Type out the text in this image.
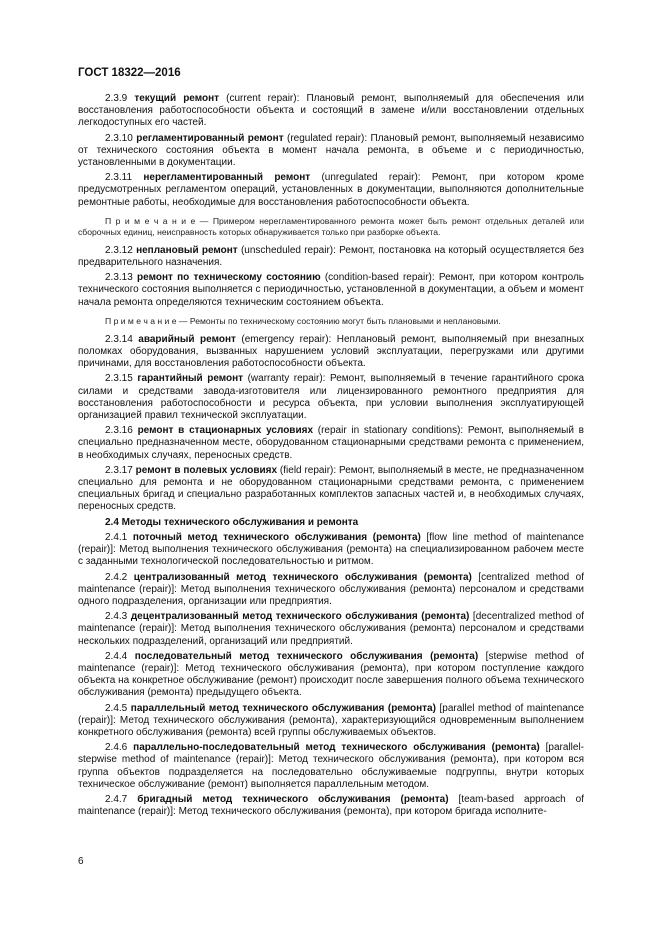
ГОСТ 18322—2016

2.3.9 текущий ремонт (current repair): Плановый ремонт, выполняемый для обеспечения или восстановления работоспособности объекта и состоящий в замене и/или восстановлении отдельных легкодоступных его частей.

2.3.10 регламентированный ремонт (regulated repair): Плановый ремонт, выполняемый независимо от технического состояния объекта в момент начала ремонта, в объеме и с периодичностью, установленными в документации.

2.3.11 нерегламентированный ремонт (unregulated repair): Ремонт, при котором кроме предусмотренных регламентом операций, установленных в документации, выполняются дополнительные ремонтные работы, необходимые для восстановления работоспособности объекта.

П р и м е ч а н и е — Примером нерегламентированного ремонта может быть ремонт отдельных деталей или сборочных единиц, неисправность которых обнаруживается только при разборке объекта.

2.3.12 неплановый ремонт (unscheduled repair): Ремонт, постановка на который осуществляется без предварительного назначения.

2.3.13 ремонт по техническому состоянию (condition-based repair): Ремонт, при котором контроль технического состояния выполняется с периодичностью, установленной в документации, а объем и момент начала ремонта определяются техническим состоянием объекта.

П р и м е ч а н и е — Ремонты по техническому состоянию могут быть плановыми и неплановыми.

2.3.14 аварийный ремонт (emergency repair): Неплановый ремонт, выполняемый при внезапных поломках оборудования, вызванных нарушением условий эксплуатации, перегрузками или другими причинами, для восстановления работоспособности объекта.

2.3.15 гарантийный ремонт (warranty repair): Ремонт, выполняемый в течение гарантийного срока силами и средствами завода-изготовителя или лицензированного ремонтного предприятия для восстановления работоспособности и ресурса объекта, при условии выполнения эксплуатирующей организацией правил технической эксплуатации.

2.3.16 ремонт в стационарных условиях (repair in stationary conditions): Ремонт, выполняемый в специально предназначенном месте, оборудованном стационарными средствами ремонта с применением, в необходимых случаях, переносных средств.

2.3.17 ремонт в полевых условиях (field repair): Ремонт, выполняемый в месте, не предназначенном специально для ремонта и не оборудованном стационарными средствами ремонта, с применением специальных бригад и специально разработанных комплектов запасных частей и, в необходимых случаях, переносных средств.

2.4 Методы технического обслуживания и ремонта

2.4.1 поточный метод технического обслуживания (ремонта) [flow line method of maintenance (repair)]: Метод выполнения технического обслуживания (ремонта) на специализированном рабочем месте с заданными технологической последовательностью и ритмом.

2.4.2 централизованный метод технического обслуживания (ремонта) [centralized method of maintenance (repair)]: Метод выполнения технического обслуживания (ремонта) персоналом и средствами одного подразделения, организации или предприятия.

2.4.3 децентрализованный метод технического обслуживания (ремонта) [decentralized method of maintenance (repair)]: Метод выполнения технического обслуживания (ремонта) персоналом и средствами нескольких подразделений, организаций или предприятий.

2.4.4 последовательный метод технического обслуживания (ремонта) [stepwise method of maintenance (repair)]: Метод технического обслуживания (ремонта), при котором поступление каждого объекта на конкретное обслуживание (ремонт) происходит после завершения полного объема технического обслуживания (ремонта) предыдущего объекта.

2.4.5 параллельный метод технического обслуживания (ремонта) [parallel method of maintenance (repair)]: Метод технического обслуживания (ремонта), характеризующийся одновременным выполнением конкретного обслуживания (ремонта) всей группы обслуживаемых объектов.

2.4.6 параллельно-последовательный метод технического обслуживания (ремонта) [parallel-stepwise method of maintenance (repair)]: Метод технического обслуживания (ремонта), при котором вся группа объектов подразделяется на последовательно обслуживаемые подгруппы, внутри которых техническое обслуживание (ремонт) выполняется параллельным методом.

2.4.7 бригадный метод технического обслуживания (ремонта) [team-based approach of maintenance (repair)]: Метод технического обслуживания (ремонта), при котором бригада исполните-

6
